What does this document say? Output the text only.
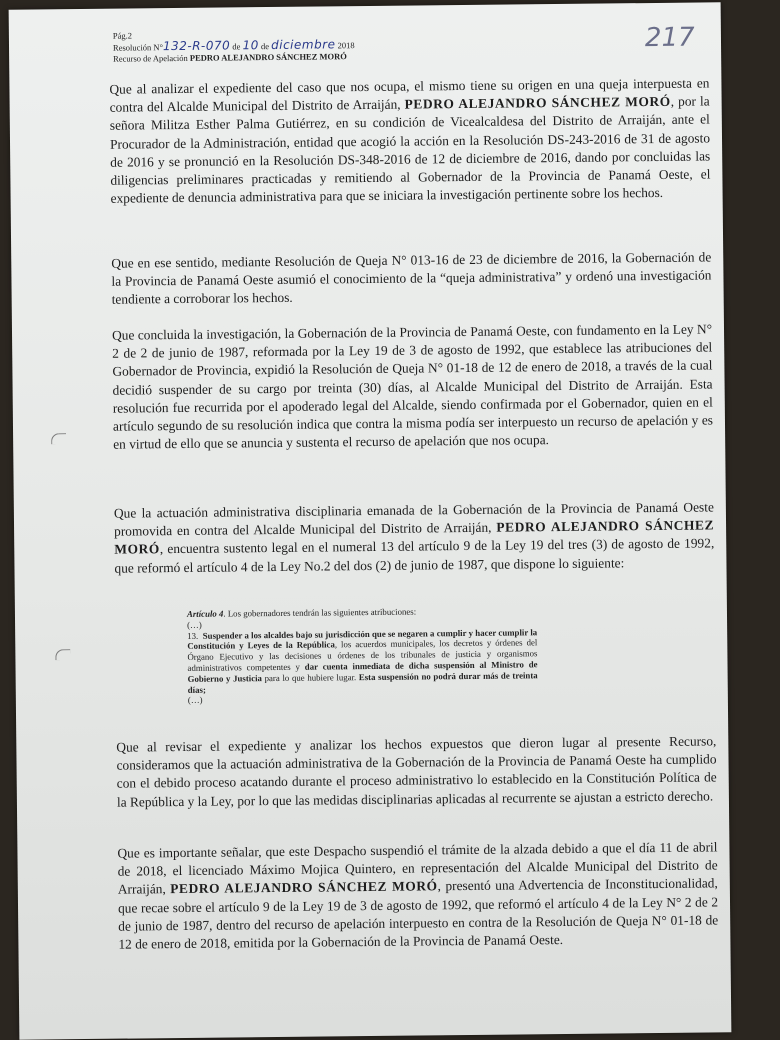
Pág.2
Resolución N°132-R-070 de 10 de diciembre 2018
Recurso de Apelación PEDRO ALEJANDRO SÁNCHEZ MORÓ
217
Que al analizar el expediente del caso que nos ocupa, el mismo tiene su origen en una queja interpuesta en contra del Alcalde Municipal del Distrito de Arraiján, PEDRO ALEJANDRO SÁNCHEZ MORÓ, por la señora Militza Esther Palma Gutiérrez, en su condición de Vicealcaldesa del Distrito de Arraiján, ante el Procurador de la Administración, entidad que acogió la acción en la Resolución DS-243-2016 de 31 de agosto de 2016 y se pronunció en la Resolución DS-348-2016 de 12 de diciembre de 2016, dando por concluidas las diligencias preliminares practicadas y remitiendo al Gobernador de la Provincia de Panamá Oeste, el expediente de denuncia administrativa para que se iniciara la investigación pertinente sobre los hechos.
Que en ese sentido, mediante Resolución de Queja N° 013-16 de 23 de diciembre de 2016, la Gobernación de la Provincia de Panamá Oeste asumió el conocimiento de la “queja administrativa” y ordenó una investigación tendiente a corroborar los hechos.
Que concluida la investigación, la Gobernación de la Provincia de Panamá Oeste, con fundamento en la Ley N° 2 de 2 de junio de 1987, reformada por la Ley 19 de 3 de agosto de 1992, que establece las atribuciones del Gobernador de Provincia, expidió la Resolución de Queja N° 01-18 de 12 de enero de 2018, a través de la cual decidió suspender de su cargo por treinta (30) días, al Alcalde Municipal del Distrito de Arraiján. Esta resolución fue recurrida por el apoderado legal del Alcalde, siendo confirmada por el Gobernador, quien en el artículo segundo de su resolución indica que contra la misma podía ser interpuesto un recurso de apelación y es en virtud de ello que se anuncia y sustenta el recurso de apelación que nos ocupa.
Que la actuación administrativa disciplinaria emanada de la Gobernación de la Provincia de Panamá Oeste promovida en contra del Alcalde Municipal del Distrito de Arraiján, PEDRO ALEJANDRO SÁNCHEZ MORÓ, encuentra sustento legal en el numeral 13 del artículo 9 de la Ley 19 del tres (3) de agosto de 1992, que reformó el artículo 4 de la Ley No.2 del dos (2) de junio de 1987, que dispone lo siguiente:
Artículo 4. Los gobernadores tendrán las siguientes atribuciones:
(…)
13. Suspender a los alcaldes bajo su jurisdicción que se negaren a cumplir y hacer cumplir la Constitución y Leyes de la República, los acuerdos municipales, los decretos y órdenes del Órgano Ejecutivo y las decisiones u órdenes de los tribunales de justicia y organismos administrativos competentes y dar cuenta inmediata de dicha suspensión al Ministro de Gobierno y Justicia para lo que hubiere lugar. Esta suspensión no podrá durar más de treinta días;
(…)
Que al revisar el expediente y analizar los hechos expuestos que dieron lugar al presente Recurso, consideramos que la actuación administrativa de la Gobernación de la Provincia de Panamá Oeste ha cumplido con el debido proceso acatando durante el proceso administrativo lo establecido en la Constitución Política de la República y la Ley, por lo que las medidas disciplinarias aplicadas al recurrente se ajustan a estricto derecho.
Que es importante señalar, que este Despacho suspendió el trámite de la alzada debido a que el día 11 de abril de 2018, el licenciado Máximo Mojica Quintero, en representación del Alcalde Municipal del Distrito de Arraiján, PEDRO ALEJANDRO SÁNCHEZ MORÓ, presentó una Advertencia de Inconstitucionalidad, que recae sobre el artículo 9 de la Ley 19 de 3 de agosto de 1992, que reformó el artículo 4 de la Ley N° 2 de 2 de junio de 1987, dentro del recurso de apelación interpuesto en contra de la Resolución de Queja N° 01-18 de 12 de enero de 2018, emitida por la Gobernación de la Provincia de Panamá Oeste.
